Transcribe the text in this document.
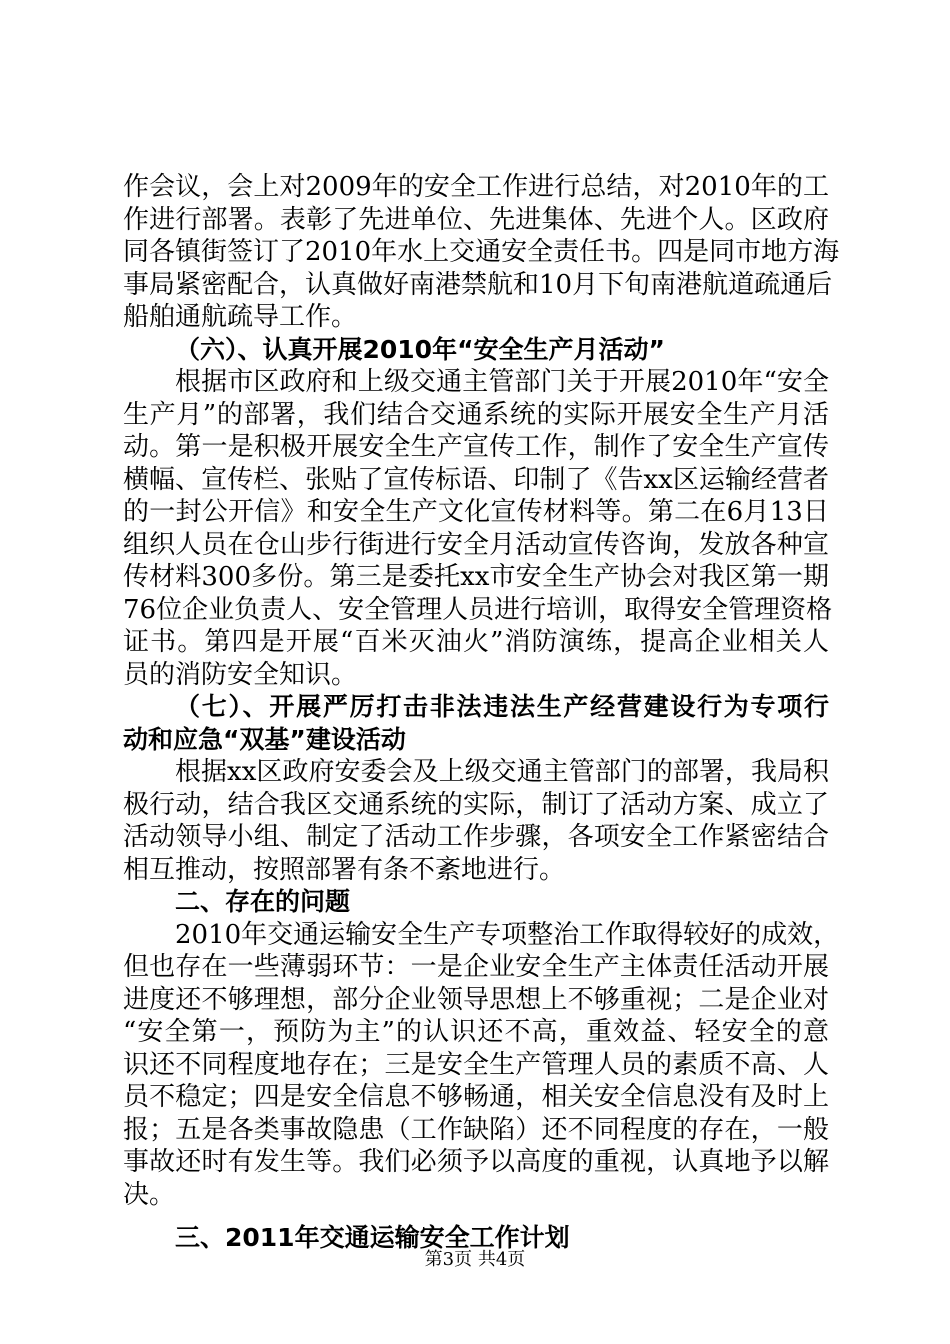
作会议，会上对2009年的安全工作进行总结，对2010年的工
作进行部署。表彰了先进单位、先进集体、先进个人。区政府
同各镇街签订了2010年水上交通安全责任书。四是同市地方海
事局紧密配合，认真做好南港禁航和10月下旬南港航道疏通后
船舶通航疏导工作。
（六）、认真开展2010年“安全生产月活动”
根据市区政府和上级交通主管部门关于开展2010年“安全
生产月”的部署，我们结合交通系统的实际开展安全生产月活
动。第一是积极开展安全生产宣传工作，制作了安全生产宣传
横幅、宣传栏、张贴了宣传标语、印制了《告xx区运输经营者
的一封公开信》和安全生产文化宣传材料等。第二在6月13日
组织人员在仓山步行街进行安全月活动宣传咨询，发放各种宣
传材料300多份。第三是委托xx市安全生产协会对我区第一期
76位企业负责人、安全管理人员进行培训，取得安全管理资格
证书。第四是开展“百米灭油火”消防演练，提高企业相关人
员的消防安全知识。
（七）、开展严厉打击非法违法生产经营建设行为专项行
动和应急“双基”建设活动
根据xx区政府安委会及上级交通主管部门的部署，我局积
极行动，结合我区交通系统的实际，制订了活动方案、成立了
活动领导小组、制定了活动工作步骤，各项安全工作紧密结合
相互推动，按照部署有条不紊地进行。
二、存在的问题
2010年交通运输安全生产专项整治工作取得较好的成效，
但也存在一些薄弱环节：一是企业安全生产主体责任活动开展
进度还不够理想，部分企业领导思想上不够重视；二是企业对
“安全第一，预防为主”的认识还不高，重效益、轻安全的意
识还不同程度地存在；三是安全生产管理人员的素质不高、人
员不稳定；四是安全信息不够畅通，相关安全信息没有及时上
报；五是各类事故隐患（工作缺陷）还不同程度的存在，一般
事故还时有发生等。我们必须予以高度的重视，认真地予以解
决。
三、2011年交通运输安全工作计划
第3页 共4页
